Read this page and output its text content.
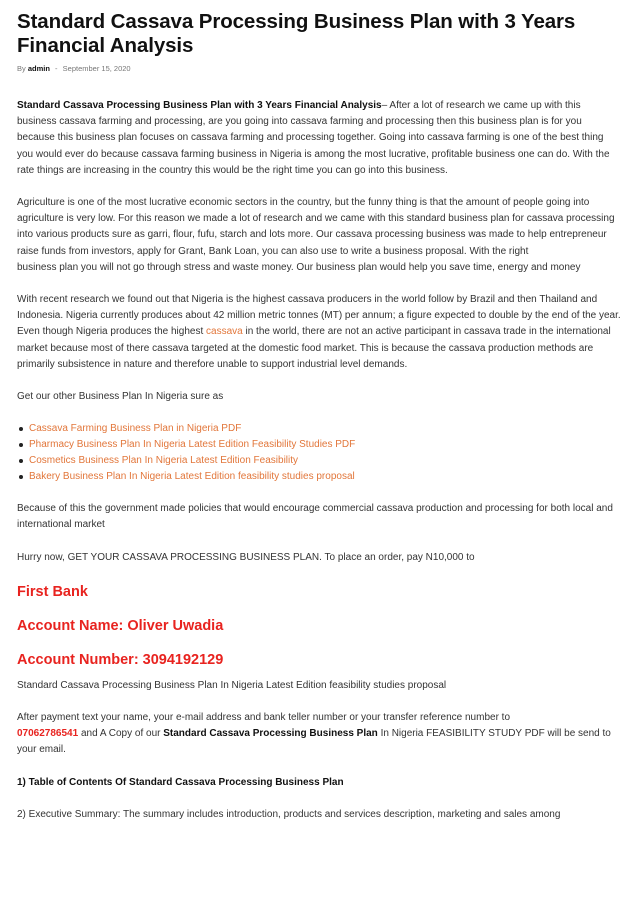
Standard Cassava Processing Business Plan with 3 Years Financial Analysis
By admin - September 15, 2020

Standard Cassava Processing Business Plan with 3 Years Financial Analysis– After a lot of research we came up with this business cassava farming and processing, are you going into cassava farming and processing then this business plan is for you because this business plan focuses on cassava farming and processing together. Going into cassava farming is one of the best thing you would ever do because cassava farming business in Nigeria is among the most lucrative, profitable business one can do. With the rate things are increasing in the country this would be the right time you can go into this business.

Agriculture is one of the most lucrative economic sectors in the country, but the funny thing is that the amount of people going into agriculture is very low. For this reason we made a lot of research and we came with this standard business plan for cassava processing into various products sure as garri, flour, fufu, starch and lots more. Our cassava processing business was made to help entrepreneur raise funds from investors, apply for Grant, Bank Loan, you can also use to write a business proposal. With the right

business plan you will not go through stress and waste money. Our business plan would help you save time, energy and money

With recent research we found out that Nigeria is the highest cassava producers in the world follow by Brazil and then Thailand and Indonesia. Nigeria currently produces about 42 million metric tonnes (MT) per annum; a figure expected to double by the end of the year. Even though Nigeria produces the highest cassava in the world, there are not an active participant in cassava trade in the international market because most of there cassava targeted at the domestic food market. This is because the cassava production methods are primarily subsistence in nature and therefore unable to support industrial level demands.

Get our other Business Plan In Nigeria sure as

Cassava Farming Business Plan in Nigeria PDF
Pharmacy Business Plan In Nigeria Latest Edition Feasibility Studies PDF
Cosmetics Business Plan In Nigeria Latest Edition Feasibility
Bakery Business Plan In Nigeria Latest Edition feasibility studies proposal

Because of this the government made policies that would encourage commercial cassava production and processing for both local and international market

Hurry now, GET YOUR CASSAVA PROCESSING BUSINESS PLAN. To place an order, pay N10,000 to

First Bank
Account Name: Oliver Uwadia
Account Number: 3094192129

Standard Cassava Processing Business Plan In Nigeria Latest Edition feasibility studies proposal

After payment text your name, your e-mail address and bank teller number or your transfer reference number to
07062786541 and A Copy of our Standard Cassava Processing Business Plan In Nigeria FEASIBILITY STUDY PDF will be send to your email.

1) Table of Contents Of Standard Cassava Processing Business Plan

2) Executive Summary: The summary includes introduction, products and services description, marketing and sales among
